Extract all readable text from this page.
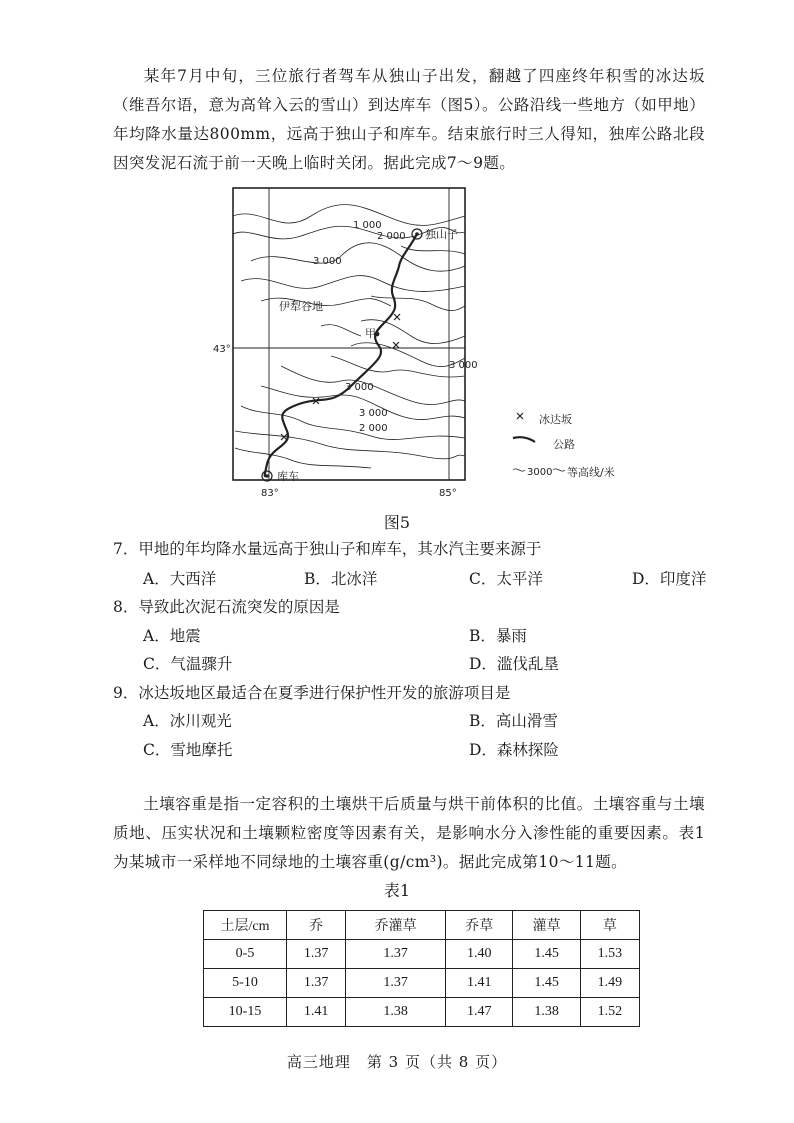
某年7月中旬，三位旅行者驾车从独山子出发，翻越了四座终年积雪的冰达坂（维吾尔语，意为高耸入云的雪山）到达库车（图5）。公路沿线一些地方（如甲地）年均降水量达800mm，远高于独山子和库车。结束旅行时三人得知，独库公路北段因突发泥石流于前一天晚上临时关闭。据此完成7～9题。
独山子
库车
伊犁谷地
甲
1 000
2 000
3 000
3 000
3 000
3 000
2 000
43°
83°	85°
冰达坂
公路
3000 等高线/米
图5
7．甲地的年均降水量远高于独山子和库车，其水汽主要来源于
A．大西洋	B．北冰洋	C．太平洋	D．印度洋
8．导致此次泥石流突发的原因是
A．地震	B．暴雨
C．气温骤升	D．滥伐乱垦
9．冰达坂地区最适合在夏季进行保护性开发的旅游项目是
A．冰川观光	B．高山滑雪
C．雪地摩托	D．森林探险
土壤容重是指一定容积的土壤烘干后质量与烘干前体积的比值。土壤容重与土壤质地、压实状况和土壤颗粒密度等因素有关，是影响水分入渗性能的重要因素。表1为某城市一采样地不同绿地的土壤容重(g/cm³)。据此完成第10～11题。
表1
土层/cm	乔	乔灌草	乔草	灌草	草
0-5	1.37	1.37	1.40	1.45	1.53
5-10	1.37	1.37	1.41	1.45	1.49
10-15	1.41	1.38	1.47	1.38	1.52
高三地理　第 3 页（共 8 页）
